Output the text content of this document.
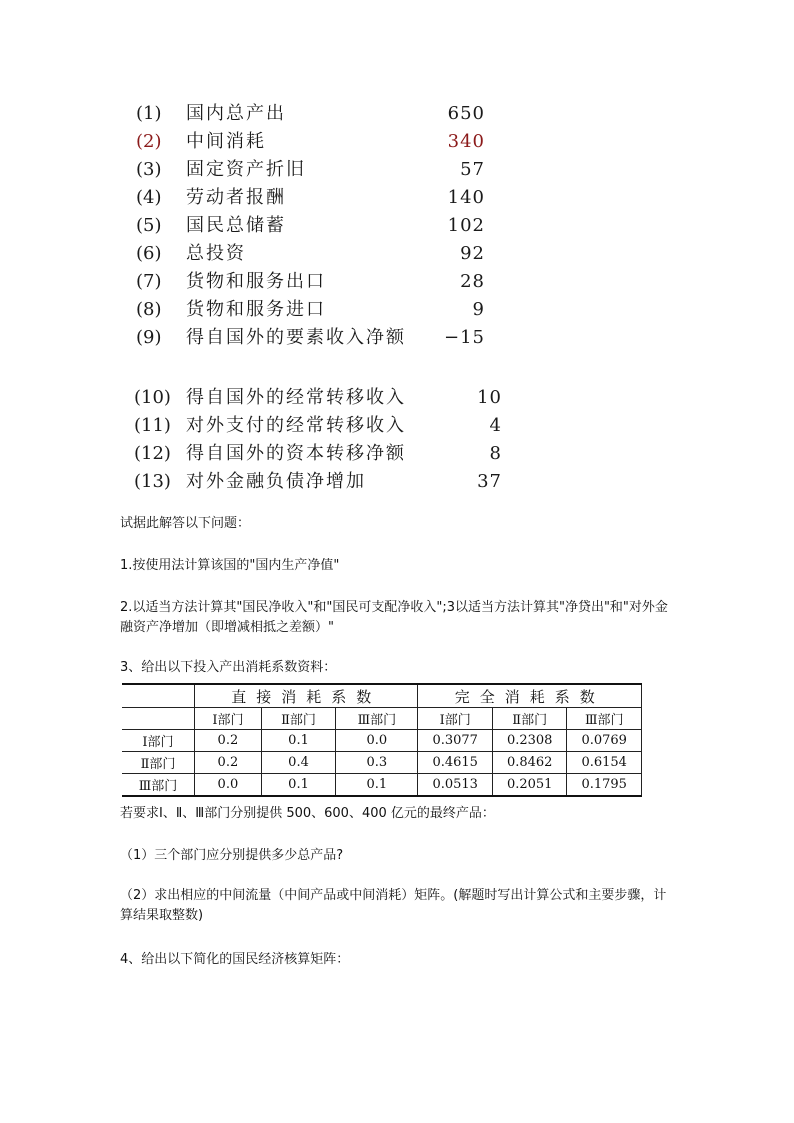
(1) 国内总产出	650
(2) 中间消耗	340
(3) 固定资产折旧	57
(4) 劳动者报酬	140
(5) 国民总储蓄	102
(6) 总投资	92
(7) 货物和服务出口	28
(8) 货物和服务进口	9
(9) 得自国外的要素收入净额 −15
(10) 得自国外的经常转移收入	10
(11) 对外支付的经常转移收入	4
(12) 得自国外的资本转移净额	8
(13) 对外金融负债净增加	37
试据此解答以下问题：
1.按使用法计算该国的"国内生产净值"
2.以适当方法计算其"国民净收入"和"国民可支配净收入";3以适当方法计算其"净贷出"和"对外金融资产净增加（即增减相抵之差额）"
3、给出以下投入产出消耗系数资料：
	直接消耗系数			完全消耗系数		
	Ⅰ部门	Ⅱ部门	Ⅲ部门	Ⅰ部门	Ⅱ部门	Ⅲ部门
Ⅰ部门	0.2	0.1	0.0	0.3077	0.2308	0.0769
Ⅱ部门	0.2	0.4	0.3	0.4615	0.8462	0.6154
Ⅲ部门	0.0	0.1	0.1	0.0513	0.2051	0.1795
若要求Ⅰ、Ⅱ、Ⅲ部门分别提供 500、600、400 亿元的最终产品：
（1）三个部门应分别提供多少总产品?
（2）求出相应的中间流量（中间产品或中间消耗）矩阵。(解题时写出计算公式和主要步骤，计算结果取整数)
4、给出以下简化的国民经济核算矩阵：
